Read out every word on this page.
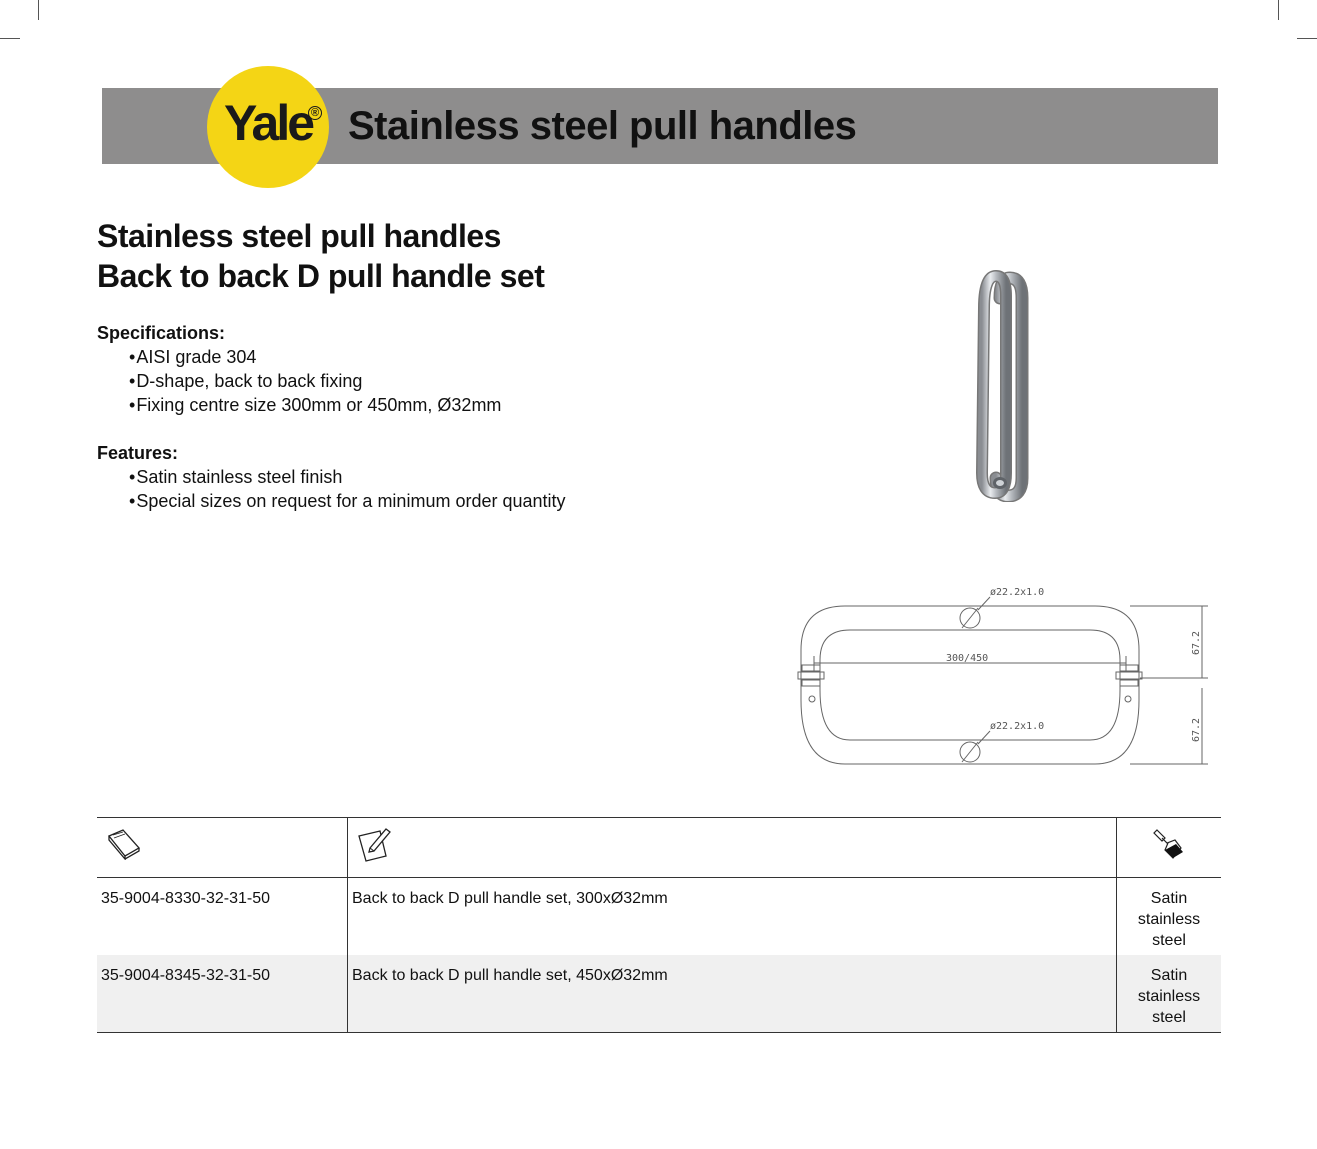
Stainless steel pull handles
Yale
®
Stainless steel pull handles
Back to back D pull handle set
Specifications:
• AISI grade 304
• D-shape, back to back fixing
• Fixing centre size 300mm or 450mm, Ø32mm
Features:
• Satin stainless steel finish
• Special sizes on request for a minimum order quantity
ø22.2x1.0
ø22.2x1.0
300/450
67.2
67.2

35-9004-8330-32-31-50	Back to back D pull handle set, 300xØ32mm	Satin
stainless
steel

35-9004-8345-32-31-50	Back to back D pull handle set, 450xØ32mm	Satin
stainless
steel
